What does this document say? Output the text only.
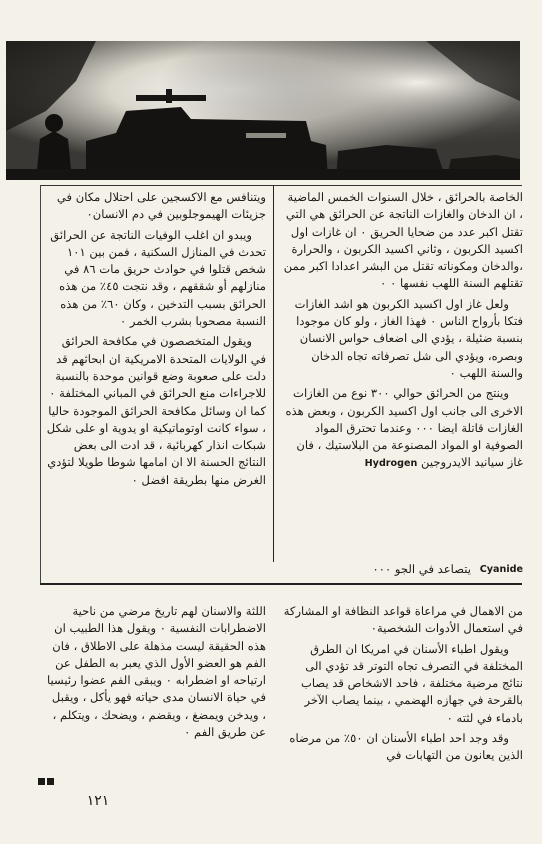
الخاصة بالحرائق ، خلال السنوات الخمس الماضية ، ان الدخان والغازات الناتجة عن الحرائق هي التي تقتل اكبر عدد من ضحايا الحريق ٠ ان غازات اول اكسيد الكربون ، وثاني اكسيد الكربون ، والحرارة ،والدخان ومكوناته تقتل من البشر اعدادا اكبر ممن تقتلهم السنة اللهب نفسها ٠ ٠

ولعل غاز اول اكسيد الكربون هو اشد الغازات فتكا بأرواح الناس ٠ فهذا الغاز ، ولو كان موجودا بنسبة ضئيلة ، يؤدي الى اضعاف حواس الانسان وبصره، ويؤدي الى شل تصرفاته تجاه الدخان والسنة اللهب ٠

وينتج من الحرائق حوالي ٣٠٠ نوع من الغازات الاخرى الى جانب اول اكسيد الكربون ، وبعض هذه الغازات قاتلة ايضا ٠٠٠ وعندما تحترق المواد الصوفية او المواد المصنوعة من البلاستيك ، فان غاز سيانيد الايدروجين Hydrogen

يتصاعد في الجو ٠٠٠ Cyanide

ويتنافس مع الاكسجين على احتلال مكان في جزيئات الهيموجلوبين في دم الانسان٠

ويبدو ان اغلب الوفيات الناتجة عن الحرائق تحدث في المنازل السكنية ، فمن بين ١٠١ شخص قتلوا في حوادث حريق مات ٨٦ في منازلهم أو شققهم ، وقد نتجت ٤٥٪ من هذه الحرائق بسبب التدخين ، وكان ٦٠٪ من هذه النسبة مصحوبا بشرب الخمر ٠

ويقول المتخصصون في مكافحة الحرائق في الولايات المتحدة الامريكية ان ابحاثهم قد دلت على صعوبة وضع قوانين موحدة بالنسبة للاجراءات منع الحرائق في المباني المختلفة ٠ كما ان وسائل مكافحة الحرائق الموجودة حاليا ، سواء كانت اوتوماتيكية او يدوية او على شكل شبكات انذار كهربائية ، قد ادت الى بعض النتائج الحسنة الا ان امامها شوطا طويلا لتؤدي الغرض منها بطريقة افضل ٠

من الاهمال في مراعاة قواعد النظافة او المشاركة في استعمال الأدوات الشخصية٠

ويقول اطباء الأسنان في امريكا ان الطرق المختلفة في التصرف تجاه التوتر قد تؤدي الى نتائج مرضية مختلفة ، فاحد الاشخاص قد يصاب بالقرحة في جهازه الهضمي ، بينما يصاب الآخر بادماء في لثته ٠

وقد وجد احد اطباء الأسنان ان ٥٠٪ من مرضاه الذين يعانون من التهابات في

اللثة والاسنان لهم تاريخ مرضي من ناحية الاضطرابات النفسية ٠ ويقول هذا الطبيب ان هذه الحقيقة ليست مذهلة على الاطلاق ، فان الفم هو العضو الأول الذي يعبر به الطفل عن ارتياحه او اضطرابه ٠ ويبقى الفم عضوا رئيسيا في حياة الانسان مدى حياته فهو يأكل ، ويقبل ، ويدخن ويمضغ ، ويقضم ، ويضحك ، ويتكلم ، عن طريق الفم ٠

١٢١
